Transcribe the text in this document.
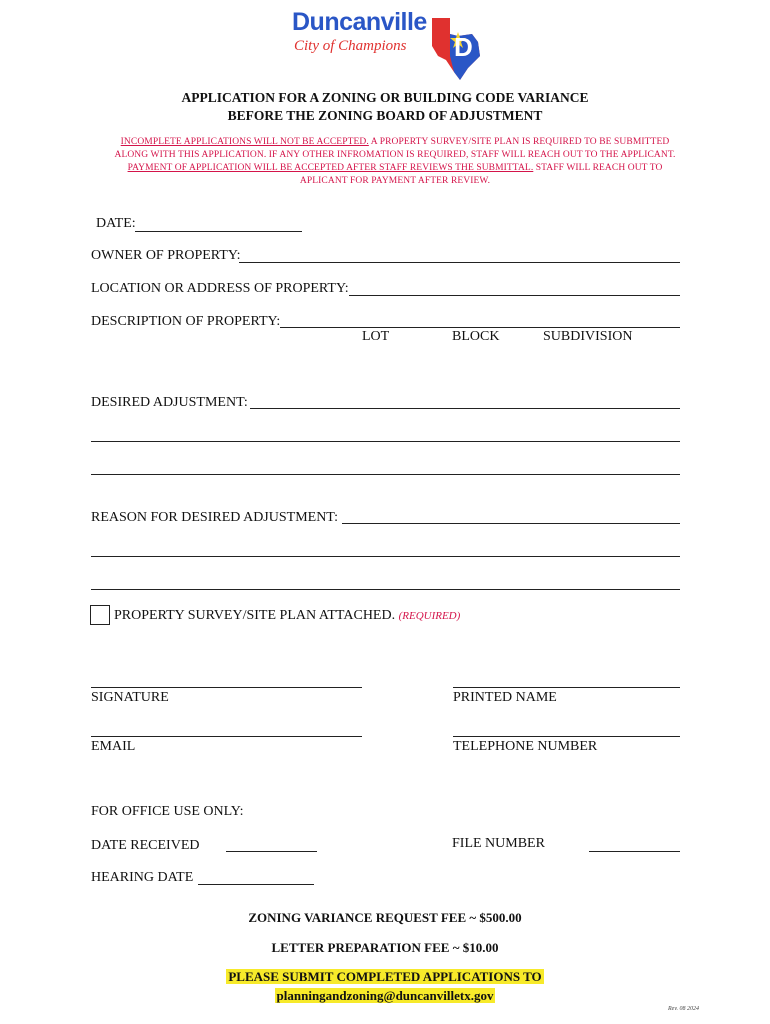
Duncanville
City of Champions D
APPLICATION FOR A ZONING OR BUILDING CODE VARIANCE
BEFORE THE ZONING BOARD OF ADJUSTMENT
INCOMPLETE APPLICATIONS WILL NOT BE ACCEPTED. A PROPERTY SURVEY/SITE PLAN IS REQUIRED TO BE SUBMITTED
ALONG WITH THIS APPLICATION. IF ANY OTHER INFROMATION IS REQUIRED, STAFF WILL REACH OUT TO THE APPLICANT.
PAYMENT OF APPLICATION WILL BE ACCEPTED AFTER STAFF REVIEWS THE SUBMITTAL. STAFF WILL REACH OUT TO
APLICANT FOR PAYMENT AFTER REVIEW.
DATE:
OWNER OF PROPERTY:
LOCATION OR ADDRESS OF PROPERTY:
DESCRIPTION OF PROPERTY:
LOT	BLOCK	SUBDIVISION
DESIRED ADJUSTMENT:
REASON FOR DESIRED ADJUSTMENT:
PROPERTY SURVEY/SITE PLAN ATTACHED. (REQUIRED)
SIGNATURE	PRINTED NAME
EMAIL	TELEPHONE NUMBER
FOR OFFICE USE ONLY:
DATE RECEIVED	FILE NUMBER
HEARING DATE
ZONING VARIANCE REQUEST FEE ~ $500.00
LETTER PREPARATION FEE ~ $10.00
PLEASE SUBMIT COMPLETED APPLICATIONS TO
planningandzoning@duncanvilletx.gov
Rev. 08 2024
